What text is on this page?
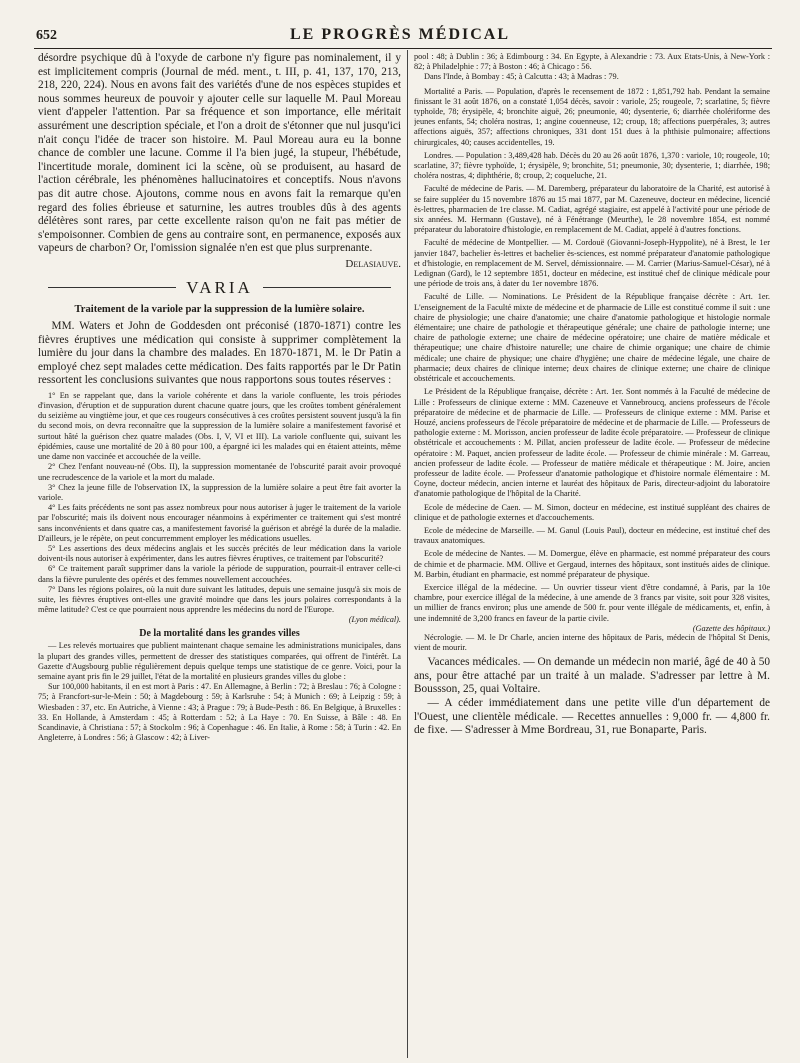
652	LE PROGRÈS MÉDICAL

désordre psychique dû à l'oxyde de carbone n'y figure pas nominalement, il y est implicitement compris (Journal de méd. ment., t. III, p. 41, 137, 170, 213, 218, 220, 224). Nous en avons fait des variétés d'une de nos espèces stupides et nous sommes heureux de pouvoir y ajouter celle sur laquelle M. Paul Moreau vient d'appeler l'attention. Par sa fréquence et son importance, elle méritait assurément une description spéciale, et l'on a droit de s'étonner que nul jusqu'ici n'ait conçu l'idée de tracer son histoire. M. Paul Moreau aura eu la bonne chance de combler une lacune. Comme il l'a bien jugé, la stupeur, l'hébétude, l'incertitude morale, dominent ici la scène, où se produisent, au hasard de l'action cérébrale, les phénomènes hallucinatoires et conceptifs. Nous n'avons pas dit autre chose. Ajoutons, comme nous en avons fait la remarque qu'en regard des folies ébrieuse et saturnine, les autres troubles dûs à des agents délétères sont rares, par cette excellente raison qu'on ne fait pas métier de s'empoisonner. Combien de gens au contraire sont, en permanence, exposés aux vapeurs de charbon? Or, l'omission signalée n'en est que plus surprenante.

Delasiauve.
VARIA
Traitement de la variole par la suppression de la lumière solaire.

MM. Waters et John de Goddesden ont préconisé (1870-1871) contre les fièvres éruptives une médication qui consiste à supprimer complètement la lumière du jour dans la chambre des malades. En 1870-1871, M. le Dr Patin a employé chez sept malades cette médication. Des faits rapportés par le Dr Patin ressortent les conclusions suivantes que nous rapportons sous toutes réserves :

1° En se rappelant que, dans la variole cohérente et dans la variole confluente, les trois périodes d'invasion, d'éruption et de suppuration durent chacune quatre jours, que les croûtes tombent généralement du seizième au vingtième jour, et que ces rougeurs consécutives à ces croûtes persistent souvent jusqu'à la fin du second mois, on devra reconnaître que la suppression de la lumière solaire a manifestement favorisé et surtout hâté la guérison chez quatre malades (Obs. I, V, VI et III). La variole confluente qui, suivant les épidémies, cause une mortalité de 20 à 80 pour 100, a épargné ici les malades qui en étaient atteints, même une dame non vaccinée et accouchée de la veille.

2° Chez l'enfant nouveau-né (Obs. II), la suppression momentanée de l'obscurité parait avoir provoqué une recrudescence de la variole et la mort du malade.

3° Chez la jeune fille de l'observation IX, la suppression de la lumière solaire a peut être fait avorter la variole.

4° Les faits précédents ne sont pas assez nombreux pour nous autoriser à juger le traitement de la variole par l'obscurité; mais ils doivent nous encourager néanmoins à expérimenter ce traitement qui s'est montré sans inconvénients et dans quatre cas, a manifestement favorisé la guérison et abrégé la durée de la maladie. D'ailleurs, je le répète, on peut concurremment employer les médications usuelles.

5° Les assertions des deux médecins anglais et les succès précités de leur médication dans la variole doivent-ils nous autoriser à expérimenter, dans les autres fièvres éruptives, ce traitement par l'obscurité?

6° Ce traitement paraît supprimer dans la variole la période de suppuration, pourrait-il entraver celle-ci dans la fièvre purulente des opérés et des femmes nouvellement accouchées.

7° Dans les régions polaires, où la nuit dure suivant les latitudes, depuis une semaine jusqu'à six mois de suite, les fièvres éruptives ont-elles une gravité moindre que dans les jours polaires correspondants à la même latitude? C'est ce que pourraient nous apprendre les médecins du nord de l'Europe.

(Lyon médical).
De la mortalité dans les grandes villes

— Les relevés mortuaires que publient maintenant chaque semaine les administrations municipales, dans la plupart des grandes villes, permettent de dresser des statistiques comparées, qui offrent de l'intérêt. La Gazette d'Augsbourg publie régulièrement depuis quelque temps une statistique de ce genre. Voici, pour la semaine ayant pris fin le 29 juillet, l'état de la mortalité en plusieurs grandes villes du globe :

Sur 100,000 habitants, il en est mort à Paris : 47. En Allemagne, à Berlin : 72; à Breslau : 76; à Cologne : 75; à Francfort-sur-le-Mein : 50; à Magdebourg : 59; à Karlsruhe : 54; à Munich : 69; à Leipzig : 59; à Wiesbaden : 37, etc. En Autriche, à Vienne : 43; à Prague : 79; à Bude-Pesth : 86. En Belgique, à Bruxelles : 33. En Hollande, à Amsterdam : 45; à Rotterdam : 52; à La Haye : 70. En Suisse, à Bâle : 48. En Scandinavie, à Christiana : 57; à Stockolm : 96; à Copenhague : 46. En Italie, à Rome : 58; à Turin : 42. En Angleterre, à Londres : 56; à Glascow : 42; à Liver-

pool : 48; à Dublin : 36; à Edimbourg : 34. En Egypte, à Alexandrie : 73. Aux Etats-Unis, à New-York : 82; à Philadelphie : 77; à Boston : 46; à Chicago : 56.

Dans l'Inde, à Bombay : 45; à Calcutta : 43; à Madras : 79.

Mortalité a Paris. — Population, d'après le recensement de 1872 : 1,851,792 hab. Pendant la semaine finissant le 31 août 1876, on a constaté 1,054 décès, savoir : variole, 25; rougeole, 7; scarlatine, 5; fièvre typhoïde, 78; érysipèle, 4; bronchite aiguë, 26; pneumonie, 40; dysenterie, 6; diarrhée cholériforme des jeunes enfants, 54; choléra nostras, 1; angine couenneuse, 12; croup, 18; affections puerpérales, 3; autres affections aiguës, 357; affections chroniques, 331 dont 151 dues à la phthisie pulmonaire; affections chirurgicales, 40; causes accidentelles, 19.

Londres. — Population : 3,489,428 hab. Décès du 20 au 26 août 1876, 1,370 : variole, 10; rougeole, 10; scarlatine, 37; fièvre typhoïde, 1; érysipèle, 9; bronchite, 51; pneumonie, 30; dysenterie, 1; diarrhée, 198; choléra nostras, 4; diphthérie, 8; croup, 2; coqueluche, 21.

Faculté de médecine de Paris. — M. Daremberg, préparateur du laboratoire de la Charité, est autorisé à se faire suppléer du 15 novembre 1876 au 15 mai 1877, par M. Cazeneuve, docteur en médecine, licencié ès-lettres, pharmacien de 1re classe. M. Cadiat, agrégé stagiaire, est appelé à l'activité pour une période de six années. M. Hermann (Gustave), né à Fénétrange (Meurthe), le 28 novembre 1854, est nommé préparateur du laboratoire d'histologie, en remplacement de M. Cadiat, appelé à d'autres fonctions.

Faculté de médecine de Montpellier. — M. Cordouë (Giovanni-Joseph-Hyppolite), né à Brest, le 1er janvier 1847, bachelier ès-lettres et bachelier ès-sciences, est nommé préparateur d'anatomie pathologique et d'histologie, en remplacement de M. Servel, démissionnaire. — M. Carrier (Marius-Samuel-César), né à Ledignan (Gard), le 12 septembre 1851, docteur en médecine, est institué chef de clinique médicale pour une période de trois ans, à dater du 1er novembre 1876.

Faculté de Lille. — Nominations. Le Président de la République française décrète : Art. 1er. L'enseignement de la Faculté mixte de médecine et de pharmacie de Lille est constitué comme il suit : une chaire de physiologie; une chaire d'anatomie; une chaire d'anatomie pathologique et histologie normale élémentaire; une chaire de pathologie et thérapeutique générale; une chaire de pathologie interne; une chaire de pathologie externe; une chaire de médecine opératoire; une chaire de matière médicale et thérapeutique; une chaire d'histoire naturelle; une chaire de chimie organique; une chaire de chimie médicale; une chaire de physique; une chaire d'hygiène; une chaire de médecine légale, une chaire de pharmacie; deux chaires de clinique interne; deux chaires de clinique externe; une chaire de clinique obstétricale et accouchements.

Le Président de la République française, décrète : Art. 1er. Sont nommés à la Faculté de médecine de Lille : Professeurs de clinique externe : MM. Cazeneuve et Vannebroucq, anciens professeurs de l'école préparatoire de médecine et de pharmacie de Lille. — Professeurs de clinique externe : MM. Parise et Houzé, anciens professeurs de l'école préparatoire de médecine et de pharmacie de Lille. — Professeurs de pathologie externe : M. Morisson, ancien professeur de ladite école préparatoire. — Professeur de clinique obstétricale et accouchements : M. Pillat, ancien professeur de ladite école. — Professeur de médecine opératoire : M. Paquet, ancien professeur de ladite école. — Professeur de chimie minérale : M. Garreau, ancien professeur de ladite école. — Professeur de matière médicale et thérapeutique : M. Joire, ancien professeur de ladite école. — Professeur d'anatomie pathologique et d'histoire normale élémentaire : M. Coyne, docteur médecin, ancien interne et lauréat des hôpitaux de Paris, directeur-adjoint du laboratoire d'anatomie pathologique de l'hôpital de la Charité.

Ecole de médecine de Caen. — M. Simon, docteur en médecine, est institué suppléant des chaires de clinique et de pathologie externes et d'accouchements.

Ecole de médecine de Marseille. — M. Ganul (Louis Paul), docteur en médecine, est institué chef des travaux anatomiques.

Ecole de médecine de Nantes. — M. Domergue, élève en pharmacie, est nommé préparateur des cours de chimie et de pharmacie. MM. Ollive et Gergaud, internes des hôpitaux, sont institués aides de clinique. M. Barbin, étudiant en pharmacie, est nommé préparateur de physique.

Exercice illégal de la médecine. — Un ouvrier tisseur vient d'être condamné, à Paris, par la 10e chambre, pour exercice illégal de la médecine, à une amende de 3 francs par visite, soit pour 328 visites, un millier de francs environ; plus une amende de 500 fr. pour vente illégale de médicaments, et, enfin, à une indemnité de 3,200 francs en faveur de la partie civile.

(Gazette des hôpitaux.)

Nécrologie. — M. le Dr Charle, ancien interne des hôpitaux de Paris, médecin de l'hôpital St Denis, vient de mourir.

Vacances médicales. — On demande un médecin non marié, âgé de 40 à 50 ans, pour être attaché par un traité à un malade. S'adresser par lettre à M. Boussson, 25, quai Voltaire.

— A céder immédiatement dans une petite ville d'un département de l'Ouest, une clientèle médicale. — Recettes annuelles : 9,000 fr. — 4,800 fr. de fixe. — S'adresser à Mme Bordreau, 31, rue Bonaparte, Paris.
